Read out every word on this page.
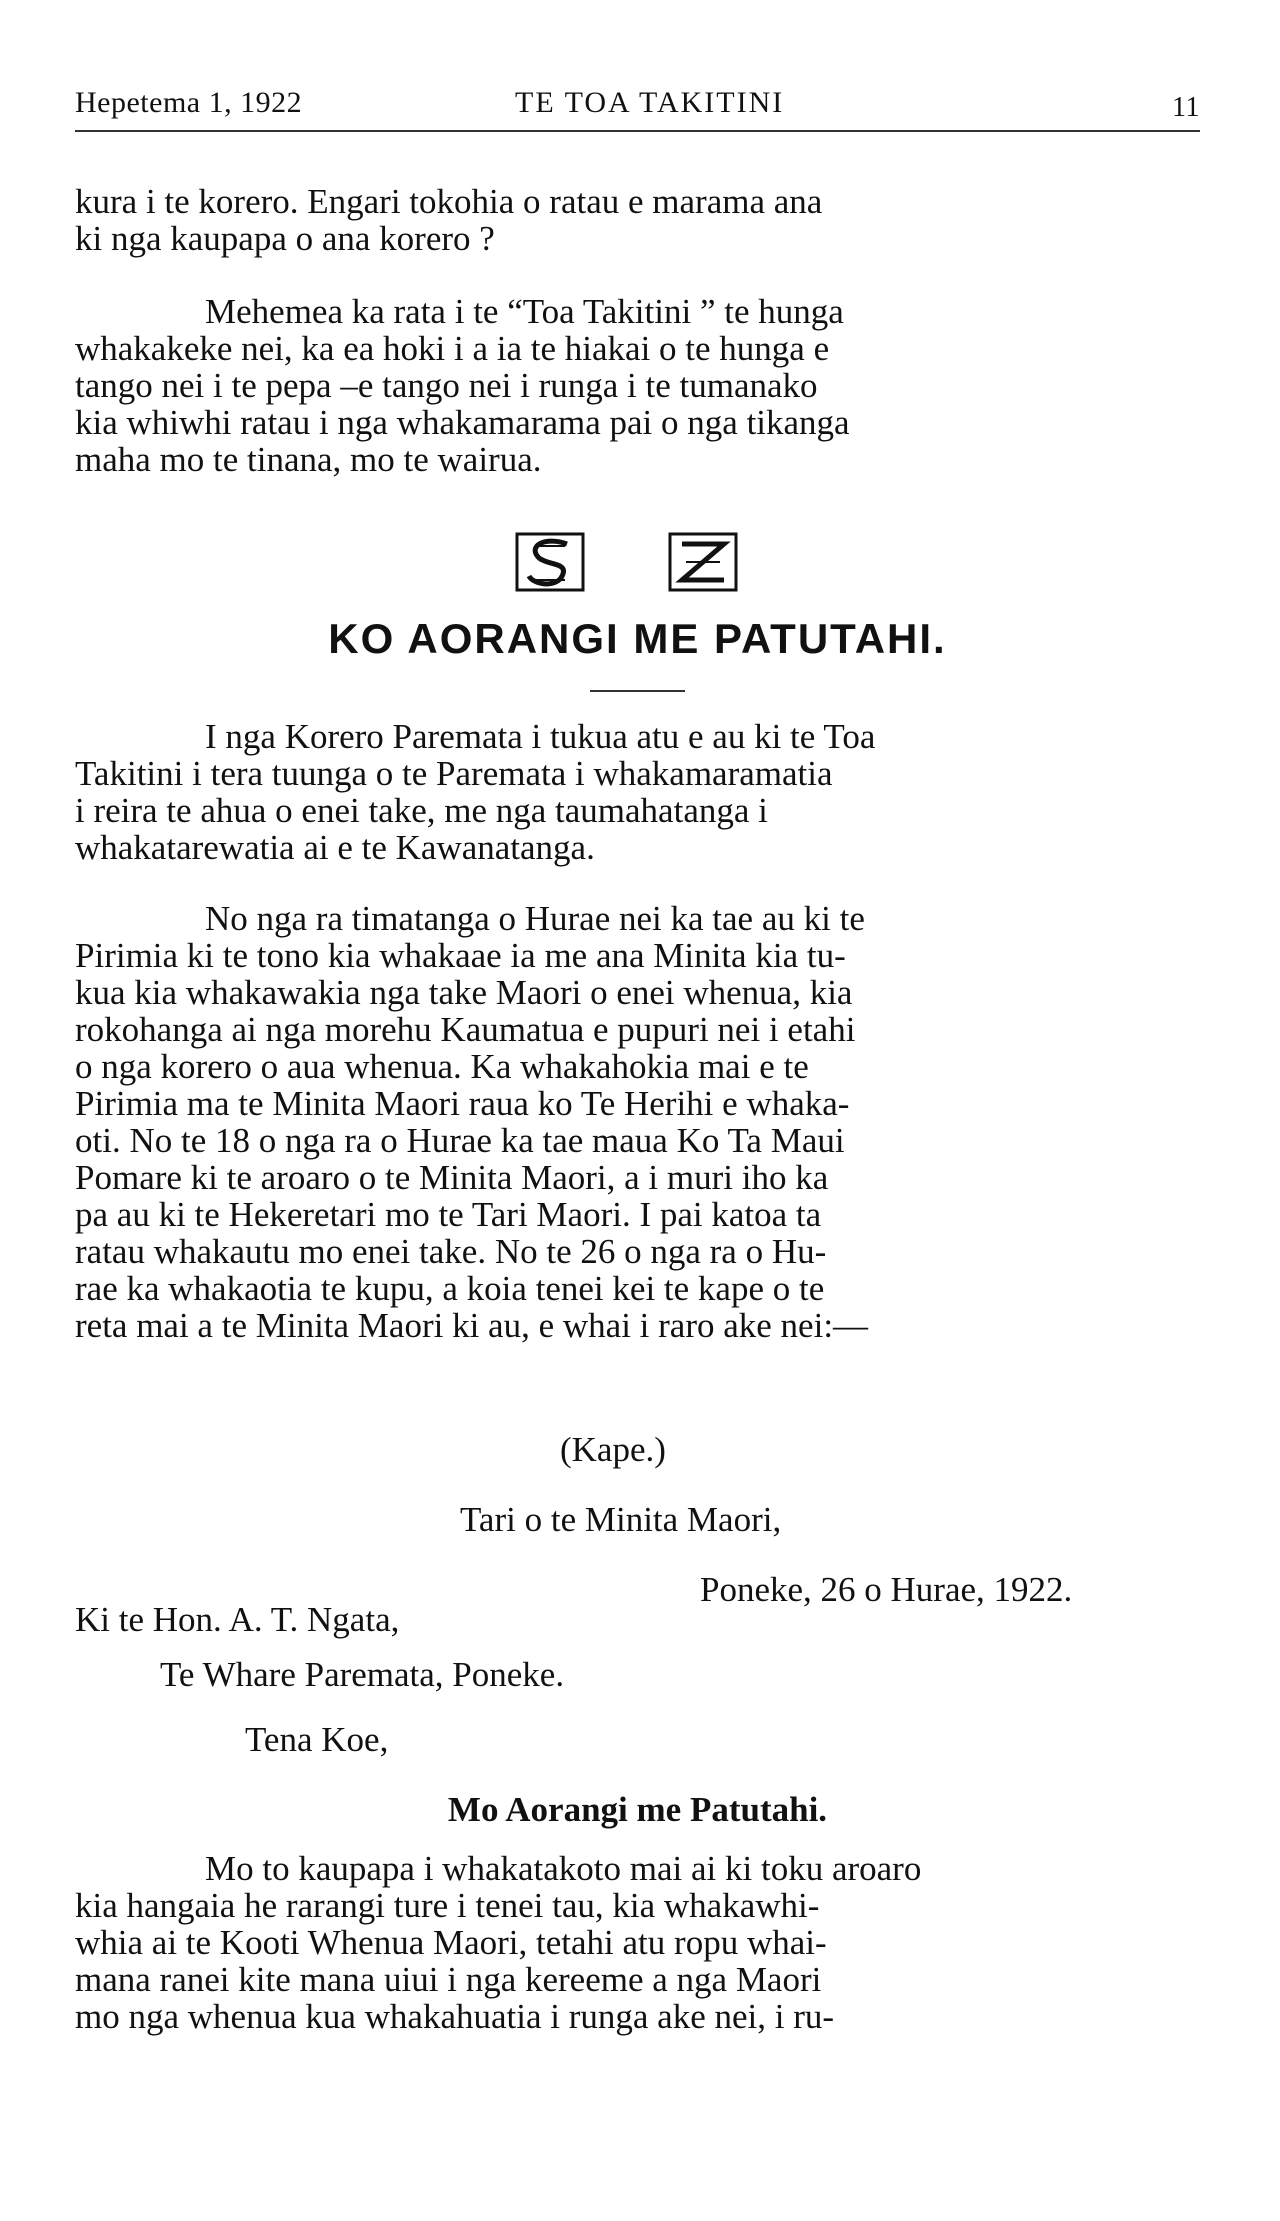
Hepetema 1, 1922	TE TOA TAKITINI	11
kura i te korero. Engari tokohia o ratau e marama ana
ki nga kaupapa o ana korero ?
Mehemea ka rata i te “Toa Takitini ” te hunga
whakakeke nei, ka ea hoki i a ia te hiakai o te hunga e
tango nei i te pepa –e tango nei i runga i te tumanako
kia whiwhi ratau i nga whakamarama pai o nga tikanga
maha mo te tinana, mo te wairua.
KO AORANGI ME PATUTAHI.
I nga Korero Paremata i tukua atu e au ki te Toa
Takitini i tera tuunga o te Paremata i whakamaramatia
i reira te ahua o enei take, me nga taumahatanga i
whakatarewatia ai e te Kawanatanga.
No nga ra timatanga o Hurae nei ka tae au ki te
Pirimia ki te tono kia whakaae ia me ana Minita kia tu-
kua kia whakawakia nga take Maori o enei whenua, kia
rokohanga ai nga morehu Kaumatua e pupuri nei i etahi
o nga korero o aua whenua. Ka whakahokia mai e te
Pirimia ma te Minita Maori raua ko Te Herihi e whaka-
oti. No te 18 o nga ra o Hurae ka tae maua Ko Ta Maui
Pomare ki te aroaro o te Minita Maori, a i muri iho ka
pa au ki te Hekeretari mo te Tari Maori. I pai katoa ta
ratau whakautu mo enei take. No te 26 o nga ra o Hu-
rae ka whakaotia te kupu, a koia tenei kei te kape o te
reta mai a te Minita Maori ki au, e whai i raro ake nei:—
(Kape.)
Tari o te Minita Maori,
Poneke, 26 o Hurae, 1922.
Ki te Hon. A. T. Ngata,
Te Whare Paremata, Poneke.
Tena Koe,
Mo Aorangi me Patutahi.
Mo to kaupapa i whakatakoto mai ai ki toku aroaro
kia hangaia he rarangi ture i tenei tau, kia whakawhi-
whia ai te Kooti Whenua Maori, tetahi atu ropu whai-
mana ranei kite mana uiui i nga kereeme a nga Maori
mo nga whenua kua whakahuatia i runga ake nei, i ru-
